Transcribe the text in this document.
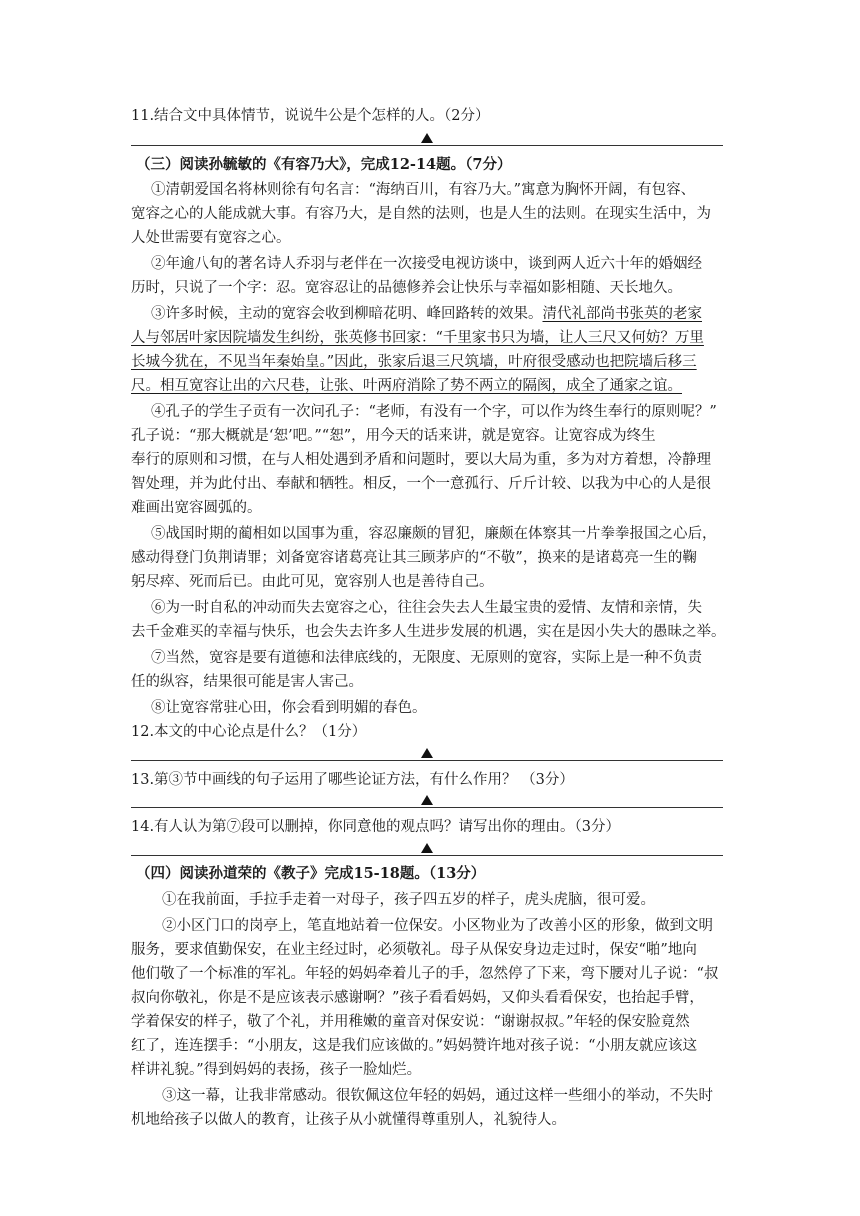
11.结合文中具体情节，说说牛公是个怎样的人。（2分）
（三）阅读孙毓敏的《有容乃大》，完成12-14题。（7分）
①清朝爱国名将林则徐有句名言：“海纳百川，有容乃大。”寓意为胸怀开阔，有包容、
宽容之心的人能成就大事。有容乃大，是自然的法则，也是人生的法则。在现实生活中，为
人处世需要有宽容之心。
②年逾八旬的著名诗人乔羽与老伴在一次接受电视访谈中，谈到两人近六十年的婚姻经
历时，只说了一个字：忍。宽容忍让的品德修养会让快乐与幸福如影相随、天长地久。
③许多时候，主动的宽容会收到柳暗花明、峰回路转的效果。清代礼部尚书张英的老家
人与邻居叶家因院墙发生纠纷，张英修书回家：“千里家书只为墙，让人三尺又何妨？万里
长城今犹在，不见当年秦始皇。”因此，张家后退三尺筑墙，叶府很受感动也把院墙后移三
尺。相互宽容让出的六尺巷，让张、叶两府消除了势不两立的隔阂，成全了通家之谊。
④孔子的学生子贡有一次问孔子：“老师，有没有一个字，可以作为终生奉行的原则呢？”
孔子说：“那大概就是‘恕’吧。”“恕”，用今天的话来讲，就是宽容。让宽容成为终生
奉行的原则和习惯，在与人相处遇到矛盾和问题时，要以大局为重，多为对方着想，冷静理
智处理，并为此付出、奉献和牺牲。相反，一个一意孤行、斤斤计较、以我为中心的人是很
难画出宽容圆弧的。
⑤战国时期的蔺相如以国事为重，容忍廉颇的冒犯，廉颇在体察其一片拳拳报国之心后，
感动得登门负荆请罪；刘备宽容诸葛亮让其三顾茅庐的“不敬”，换来的是诸葛亮一生的鞠
躬尽瘁、死而后已。由此可见，宽容别人也是善待自己。
⑥为一时自私的冲动而失去宽容之心，往往会失去人生最宝贵的爱情、友情和亲情，失
去千金难买的幸福与快乐，也会失去许多人生进步发展的机遇，实在是因小失大的愚昧之举。
⑦当然，宽容是要有道德和法律底线的，无限度、无原则的宽容，实际上是一种不负责
任的纵容，结果很可能是害人害己。
⑧让宽容常驻心田，你会看到明媚的春色。
12.本文的中心论点是什么？（1分）
13.第③节中画线的句子运用了哪些论证方法，有什么作用？ （3分）
14.有人认为第⑦段可以删掉，你同意他的观点吗？请写出你的理由。（3分）
（四）阅读孙道荣的《教子》完成15-18题。（13分）
①在我前面，手拉手走着一对母子，孩子四五岁的样子，虎头虎脑，很可爱。
②小区门口的岗亭上，笔直地站着一位保安。小区物业为了改善小区的形象，做到文明
服务，要求值勤保安，在业主经过时，必须敬礼。母子从保安身边走过时，保安“啪”地向
他们敬了一个标准的军礼。年轻的妈妈牵着儿子的手，忽然停了下来，弯下腰对儿子说：“叔
叔向你敬礼，你是不是应该表示感谢啊？”孩子看看妈妈，又仰头看看保安，也抬起手臂，
学着保安的样子，敬了个礼，并用稚嫩的童音对保安说：“谢谢叔叔。”年轻的保安脸竟然
红了，连连摆手：“小朋友，这是我们应该做的。”妈妈赞许地对孩子说：“小朋友就应该这
样讲礼貌。”得到妈妈的表扬，孩子一脸灿烂。
③这一幕，让我非常感动。很钦佩这位年轻的妈妈，通过这样一些细小的举动，不失时
机地给孩子以做人的教育，让孩子从小就懂得尊重别人，礼貌待人。
